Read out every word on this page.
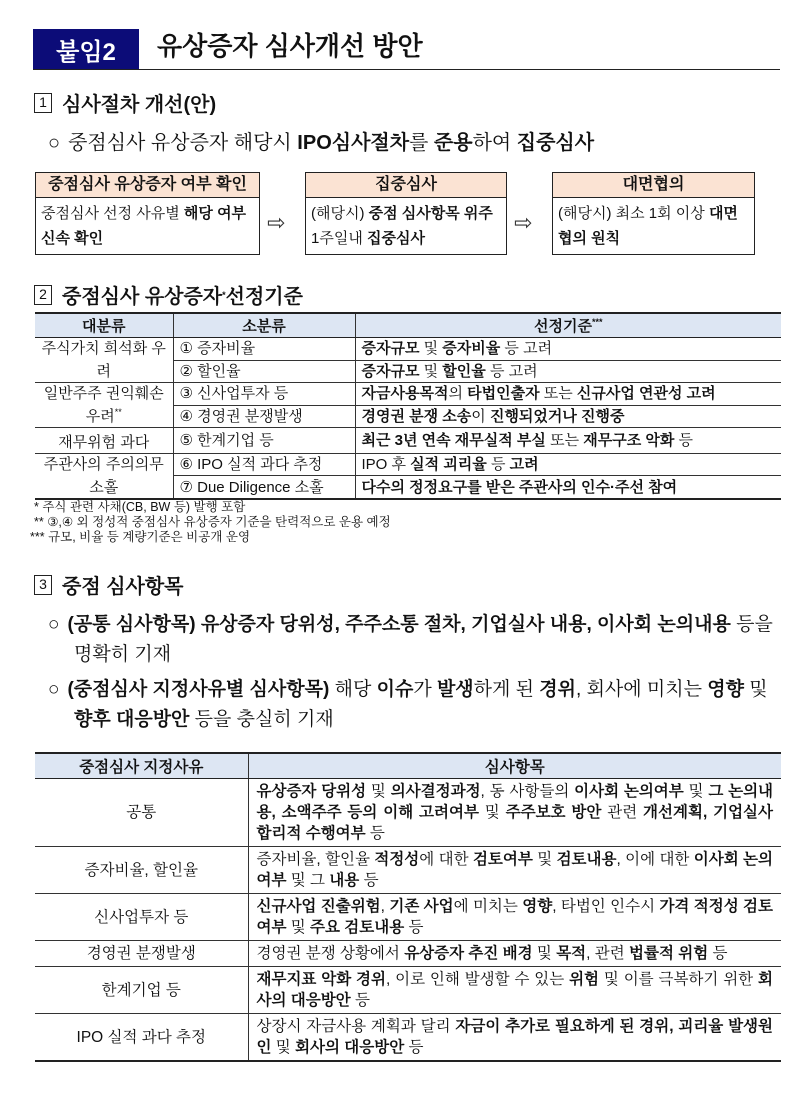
붙임2	유상증자 심사개선 방안
1 심사절차 개선(안)
○ 중점심사 유상증자 해당시 IPO심사절차를 준용하여 집중심사
중점심사 유상증자 여부 확인
중점심사 선정 사유별 해당 여부 신속 확인
⇨
집중심사
(해당시) 중점 심사항목 위주 1주일내 집중심사
⇨
대면협의
(해당시) 최소 1회 이상 대면협의 원칙
2 중점심사 유상증자 * 선정기준
대분류	소분류	선정기준***
주식가치 희석화 우려	① 증자비율	증자규모 및 증자비율 등 고려
	② 할인율	증자규모 및 할인율 등 고려
일반주주 권익훼손 우려**	③ 신사업투자 등	자금사용목적의 타법인출자 또는 신규사업 연관성 고려
	④ 경영권 분쟁발생	경영권 분쟁 소송이 진행되었거나 진행중
재무위험 과다	⑤ 한계기업 등	최근 3년 연속 재무실적 부실 또는 재무구조 악화 등
주관사의 주의의무 소홀	⑥ IPO 실적 과다 추정	IPO 후 실적 괴리율 등 고려
	⑦ Due Diligence 소홀	다수의 정정요구를 받은 주관사의 인수·주선 참여
* 주식 관련 사채(CB, BW 등) 발행 포함
** ③,④ 외 정성적 중점심사 유상증자 기준을 탄력적으로 운용 예정
*** 규모, 비율 등 계량기준은 비공개 운영
3 중점 심사항목
○ (공통 심사항목) 유상증자 당위성, 주주소통 절차, 기업실사 내용, 이사회 논의내용 등을 명확히 기재
○ (중점심사 지정사유별 심사항목) 해당 이슈가 발생하게 된 경위, 회사에 미치는 영향 및 향후 대응방안 등을 충실히 기재
중점심사 지정사유	심사항목
공통	유상증자 당위성 및 의사결정과정, 동 사항들의 이사회 논의여부 및 그 논의내용, 소액주주 등의 이해 고려여부 및 주주보호 방안 관련 개선계획, 기업실사 합리적 수행여부 등
증자비율, 할인율	증자비율, 할인율 적정성에 대한 검토여부 및 검토내용, 이에 대한 이사회 논의여부 및 그 내용 등
신사업투자 등	신규사업 진출위험, 기존 사업에 미치는 영향, 타법인 인수시 가격 적정성 검토여부 및 주요 검토내용 등
경영권 분쟁발생	경영권 분쟁 상황에서 유상증자 추진 배경 및 목적, 관련 법률적 위험 등
한계기업 등	재무지표 악화 경위, 이로 인해 발생할 수 있는 위험 및 이를 극복하기 위한 회사의 대응방안 등
IPO 실적 과다 추정	상장시 자금사용 계획과 달리 자금이 추가로 필요하게 된 경위, 괴리율 발생원인 및 회사의 대응방안 등
